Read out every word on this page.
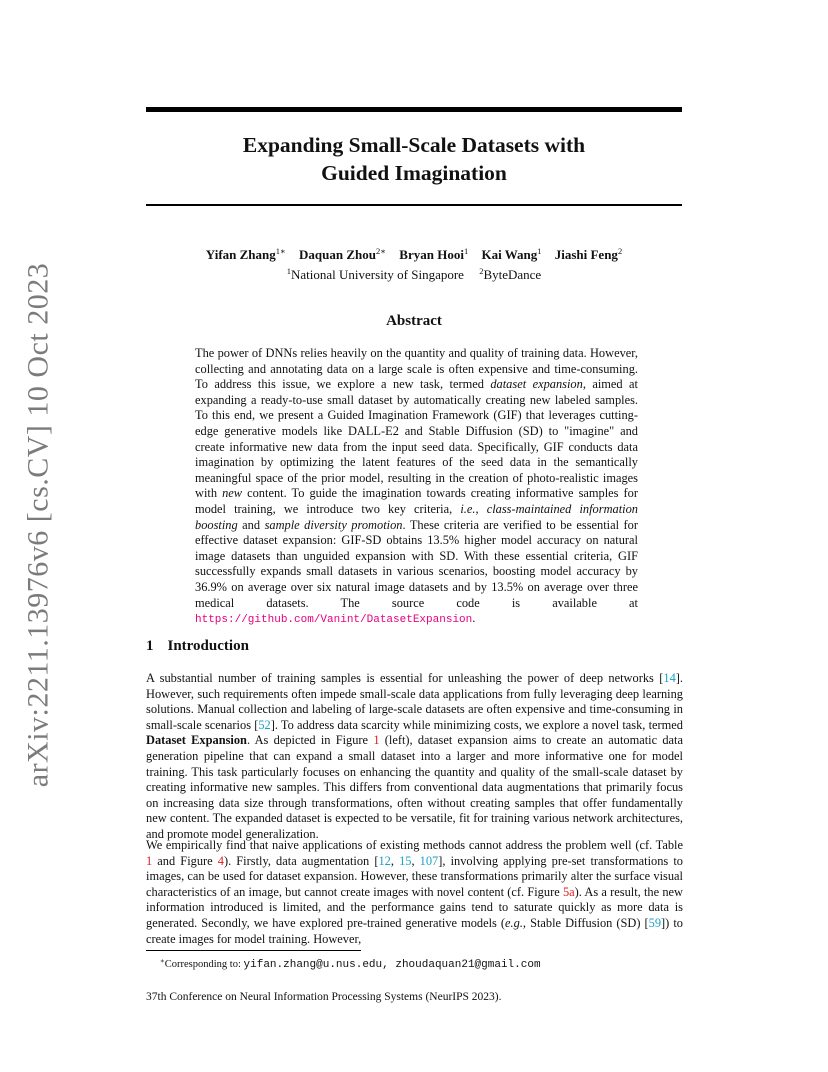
arXiv:2211.13976v6 [cs.CV] 10 Oct 2023
Expanding Small-Scale Datasets with
Guided Imagination
Yifan Zhang$^{1∗}$ Daquan Zhou$^{2∗}$ Bryan Hooi$^1$ Kai Wang$^1$ Jiashi Feng$^2$
$^1$National University of Singapore $^2$ByteDance
Abstract
The power of DNNs relies heavily on the quantity and quality of training data. However, collecting and annotating data on a large scale is often expensive and time-consuming. To address this issue, we explore a new task, termed dataset expansion, aimed at expanding a ready-to-use small dataset by automatically creating new labeled samples. To this end, we present a Guided Imagination Framework (GIF) that leverages cutting-edge generative models like DALL-E2 and Stable Diffusion (SD) to "imagine" and create informative new data from the input seed data. Specifically, GIF conducts data imagination by optimizing the latent features of the seed data in the semantically meaningful space of the prior model, resulting in the creation of photo-realistic images with new content. To guide the imagination towards creating informative samples for model training, we introduce two key criteria, i.e., class-maintained information boosting and sample diversity promotion. These criteria are verified to be essential for effective dataset expansion: GIF-SD obtains 13.5% higher model accuracy on natural image datasets than unguided expansion with SD. With these essential criteria, GIF successfully expands small datasets in various scenarios, boosting model accuracy by 36.9% on average over six natural image datasets and by 13.5% on average over three medical datasets. The source code is available at https://github.com/Vanint/DatasetExpansion.
1 Introduction
A substantial number of training samples is essential for unleashing the power of deep networks [14]. However, such requirements often impede small-scale data applications from fully leveraging deep learning solutions. Manual collection and labeling of large-scale datasets are often expensive and time-consuming in small-scale scenarios [52]. To address data scarcity while minimizing costs, we explore a novel task, termed Dataset Expansion. As depicted in Figure 1 (left), dataset expansion aims to create an automatic data generation pipeline that can expand a small dataset into a larger and more informative one for model training. This task particularly focuses on enhancing the quantity and quality of the small-scale dataset by creating informative new samples. This differs from conventional data augmentations that primarily focus on increasing data size through transformations, often without creating samples that offer fundamentally new content. The expanded dataset is expected to be versatile, fit for training various network architectures, and promote model generalization.
We empirically find that naive applications of existing methods cannot address the problem well (cf. Table 1 and Figure 4). Firstly, data augmentation [12, 15, 107], involving applying pre-set transformations to images, can be used for dataset expansion. However, these transformations primarily alter the surface visual characteristics of an image, but cannot create images with novel content (cf. Figure 5a). As a result, the new information introduced is limited, and the performance gains tend to saturate quickly as more data is generated. Secondly, we have explored pre-trained generative models (e.g., Stable Diffusion (SD) [59]) to create images for model training. However,
∗Corresponding to: yifan.zhang@u.nus.edu, zhoudaquan21@gmail.com
37th Conference on Neural Information Processing Systems (NeurIPS 2023).
